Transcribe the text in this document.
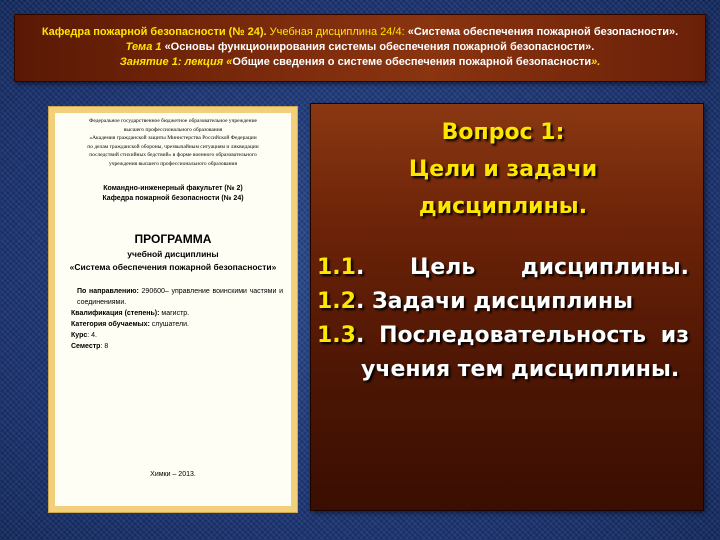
Кафедра пожарной безопасности (№ 24). Учебная дисциплина 24/4: «Система обеспечения пожарной безопасности».
Тема 1 «Основы функционирования системы обеспечения пожарной безопасности».
Занятие 1: лекция «Общие сведения о системе обеспечения пожарной безопасности».
Федеральное государственное бюджетное образовательное учреждение
высшего профессионального образования
«Академия гражданской защиты Министерства Российской Федерации
по делам гражданской обороны, чрезвычайным ситуациям и ликвидации
последствий стихийных бедствий» в форме военного образовательного
учреждения высшего профессионального образования
Командно-инженерный факультет (№ 2)
Кафедра пожарной безопасности (№ 24)
ПРОГРАММА
учебной дисциплины
«Система обеспечения пожарной безопасности»
По направлению: 290600– управление воинскими частями и соединениями.
Квалификация (степень): магистр.
Категория обучаемых: слушатели.
Курс: 4.
Семестр: 8
Химки – 2013.
Вопрос 1:
Цели и задачи
дисциплины.
1.1. Цель дисциплины.
1.2. Задачи дисциплины
1.3. Последовательность изучения тем дисциплины.
